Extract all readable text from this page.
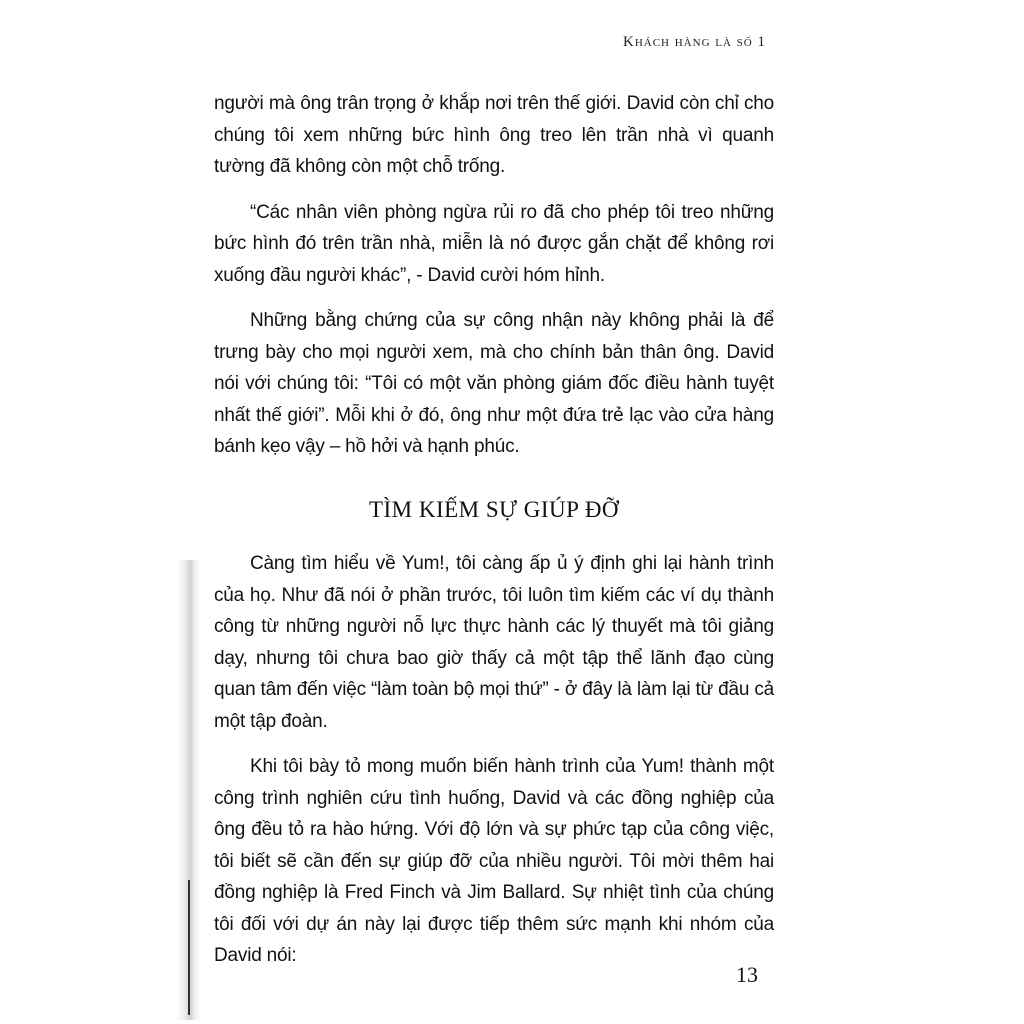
Khách hàng là số 1

người mà ông trân trọng ở khắp nơi trên thế giới. David còn chỉ cho chúng tôi xem những bức hình ông treo lên trần nhà vì quanh tường đã không còn một chỗ trống.

“Các nhân viên phòng ngừa rủi ro đã cho phép tôi treo những bức hình đó trên trần nhà, miễn là nó được gắn chặt để không rơi xuống đầu người khác”, - David cười hóm hỉnh.

Những bằng chứng của sự công nhận này không phải là để trưng bày cho mọi người xem, mà cho chính bản thân ông. David nói với chúng tôi: “Tôi có một văn phòng giám đốc điều hành tuyệt nhất thế giới”. Mỗi khi ở đó, ông như một đứa trẻ lạc vào cửa hàng bánh kẹo vậy – hồ hởi và hạnh phúc.

TÌM KIẾM SỰ GIÚP ĐỠ

Càng tìm hiểu về Yum!, tôi càng ấp ủ ý định ghi lại hành trình của họ. Như đã nói ở phần trước, tôi luôn tìm kiếm các ví dụ thành công từ những người nỗ lực thực hành các lý thuyết mà tôi giảng dạy, nhưng tôi chưa bao giờ thấy cả một tập thể lãnh đạo cùng quan tâm đến việc “làm toàn bộ mọi thứ” - ở đây là làm lại từ đầu cả một tập đoàn.

Khi tôi bày tỏ mong muốn biến hành trình của Yum! thành một công trình nghiên cứu tình huống, David và các đồng nghiệp của ông đều tỏ ra hào hứng. Với độ lớn và sự phức tạp của công việc, tôi biết sẽ cần đến sự giúp đỡ của nhiều người. Tôi mời thêm hai đồng nghiệp là Fred Finch và Jim Ballard. Sự nhiệt tình của chúng tôi đối với dự án này lại được tiếp thêm sức mạnh khi nhóm của David nói:

13
